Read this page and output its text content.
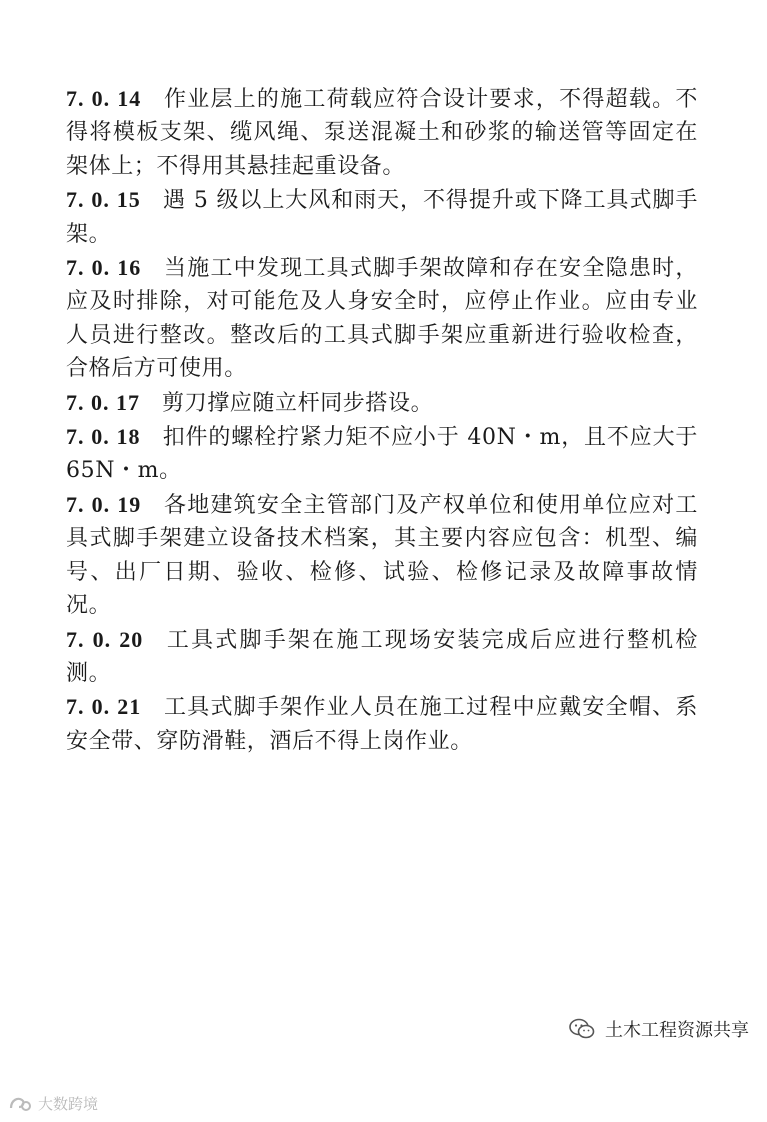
7. 0. 14 作业层上的施工荷载应符合设计要求，不得超载。不得将模板支架、缆风绳、泵送混凝土和砂浆的输送管等固定在架体上；不得用其悬挂起重设备。
7. 0. 15 遇 5 级以上大风和雨天，不得提升或下降工具式脚手架。
7. 0. 16 当施工中发现工具式脚手架故障和存在安全隐患时，应及时排除，对可能危及人身安全时，应停止作业。应由专业人员进行整改。整改后的工具式脚手架应重新进行验收检查，合格后方可使用。
7. 0. 17 剪刀撑应随立杆同步搭设。
7. 0. 18 扣件的螺栓拧紧力矩不应小于 40N・m，且不应大于 65N・m。
7. 0. 19 各地建筑安全主管部门及产权单位和使用单位应对工具式脚手架建立设备技术档案，其主要内容应包含：机型、编号、出厂日期、验收、检修、试验、检修记录及故障事故情况。
7. 0. 20 工具式脚手架在施工现场安装完成后应进行整机检测。
7. 0. 21 工具式脚手架作业人员在施工过程中应戴安全帽、系安全带、穿防滑鞋，酒后不得上岗作业。
土木工程资源共享
大数跨境
